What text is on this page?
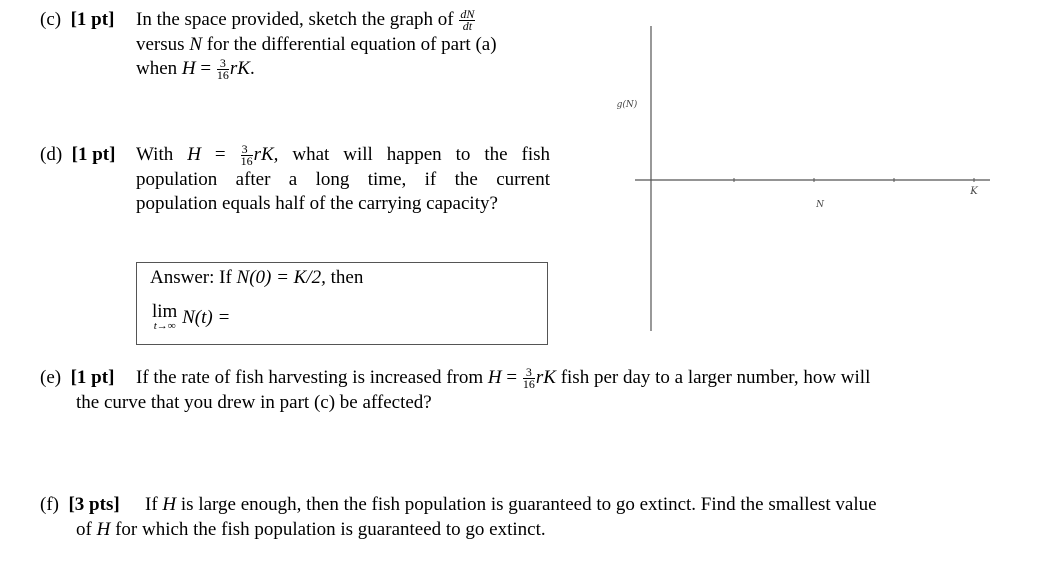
(c) [1 pt]	In the space provided, sketch the graph of $\frac{dN}{dt}$
versus N for the differential equation of part (a)
when $H = \frac{3}{16}$ rK.
(d) [1 pt]	With $H = \frac{3}{16}$ rK, what will happen to the fish
population after a long time, if the current
population equals half of the carrying capacity?
Answer: If N(0) = K/2, then
lim
t→∞ N(t) =
g(N)
N
K
(e) [1 pt]	If the rate of fish harvesting is increased from $H = \frac{3}{16}$ rK fish per day to a larger number, how will
the curve that you drew in part (c) be affected?
(f) [3 pts]	If H is large enough, then the fish population is guaranteed to go extinct. Find the smallest value
of H for which the fish population is guaranteed to go extinct.
